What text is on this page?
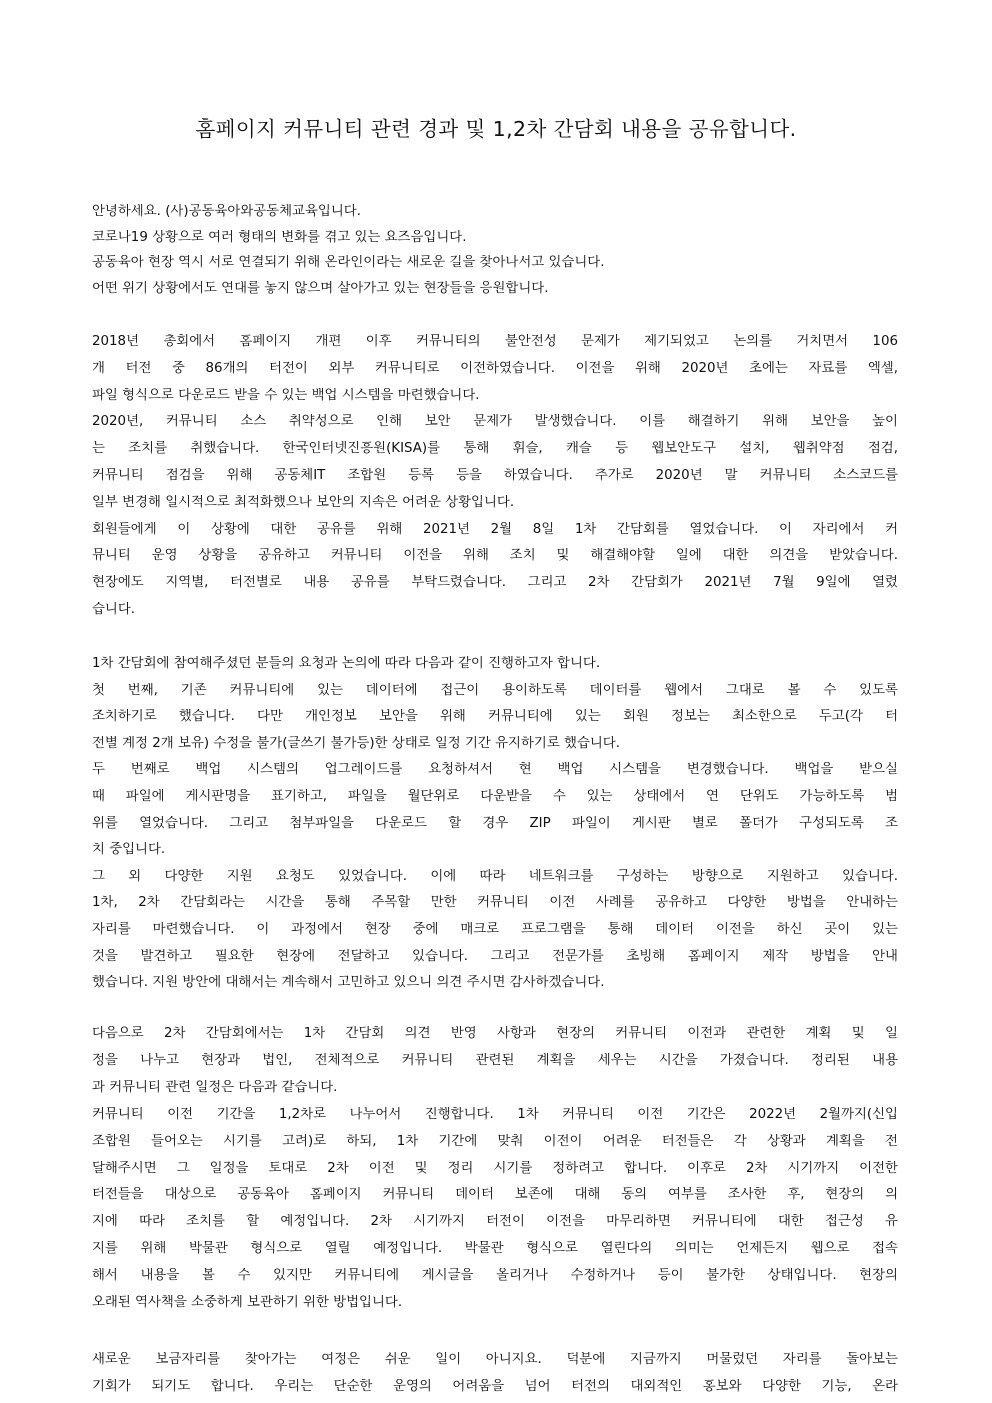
홈페이지 커뮤니티 관련 경과 및 1,2차 간담회 내용을 공유합니다.
안녕하세요. (사)공동육아와공동체교육입니다.
코로나19 상황으로 여러 형태의 변화를 겪고 있는 요즈음입니다.
공동육아 현장 역시 서로 연결되기 위해 온라인이라는 새로운 길을 찾아나서고 있습니다.
어떤 위기 상황에서도 연대를 놓지 않으며 살아가고 있는 현장들을 응원합니다.
2018년 총회에서 홈페이지 개편 이후 커뮤니티의 불안전성 문제가 제기되었고 논의를 거치면서 106
개 터전 중 86개의 터전이 외부 커뮤니티로 이전하였습니다. 이전을 위해 2020년 초에는 자료를 엑셀,
파일 형식으로 다운로드 받을 수 있는 백업 시스템을 마련했습니다.
2020년, 커뮤니티 소스 취약성으로 인해 보안 문제가 발생했습니다. 이를 해결하기 위해 보안을 높이
는 조치를 취했습니다. 한국인터넷진흥원(KISA)를 통해 휘슬, 캐슬 등 웹보안도구 설치, 웹취약점 점검,
커뮤니티 점검을 위해 공동체IT 조합원 등록 등을 하였습니다. 추가로 2020년 말 커뮤니티 소스코드를
일부 변경해 일시적으로 최적화했으나 보안의 지속은 어려운 상황입니다.
회원들에게 이 상황에 대한 공유를 위해 2021년 2월 8일 1차 간담회를 열었습니다. 이 자리에서 커
뮤니티 운영 상황을 공유하고 커뮤니티 이전을 위해 조치 및 해결해야할 일에 대한 의견을 받았습니다.
현장에도 지역별, 터전별로 내용 공유를 부탁드렸습니다. 그리고 2차 간담회가 2021년 7월 9일에 열렸
습니다.
1차 간담회에 참여해주셨던 분들의 요청과 논의에 따라 다음과 같이 진행하고자 합니다.
첫 번째, 기존 커뮤니티에 있는 데이터에 접근이 용이하도록 데이터를 웹에서 그대로 볼 수 있도록
조치하기로 했습니다. 다만 개인정보 보안을 위해 커뮤니티에 있는 회원 정보는 최소한으로 두고(각 터
전별 계정 2개 보유) 수정을 불가(글쓰기 불가등)한 상태로 일정 기간 유지하기로 했습니다.
두 번째로 백업 시스템의 업그레이드를 요청하셔서 현 백업 시스템을 변경했습니다. 백업을 받으실
때 파일에 게시판명을 표기하고, 파일을 월단위로 다운받을 수 있는 상태에서 연 단위도 가능하도록 범
위를 열었습니다. 그리고 첨부파일을 다운로드 할 경우 ZIP 파일이 게시판 별로 폴더가 구성되도록 조
치 중입니다.
그 외 다양한 지원 요청도 있었습니다. 이에 따라 네트워크를 구성하는 방향으로 지원하고 있습니다.
1차, 2차 간담회라는 시간을 통해 주목할 만한 커뮤니티 이전 사례를 공유하고 다양한 방법을 안내하는
자리를 마련했습니다. 이 과정에서 현장 중에 매크로 프로그램을 통해 데이터 이전을 하신 곳이 있는
것을 발견하고 필요한 현장에 전달하고 있습니다. 그리고 전문가를 초빙해 홈페이지 제작 방법을 안내
했습니다. 지원 방안에 대해서는 계속해서 고민하고 있으니 의견 주시면 감사하겠습니다.
다음으로 2차 간담회에서는 1차 간담회 의견 반영 사항과 현장의 커뮤니티 이전과 관련한 계획 및 일
정을 나누고 현장과 법인, 전체적으로 커뮤니티 관련된 계획을 세우는 시간을 가졌습니다. 정리된 내용
과 커뮤니티 관련 일정은 다음과 같습니다.
커뮤니티 이전 기간을 1,2차로 나누어서 진행합니다. 1차 커뮤니티 이전 기간은 2022년 2월까지(신입
조합원 들어오는 시기를 고려)로 하되, 1차 기간에 맞춰 이전이 어려운 터전들은 각 상황과 계획을 전
달해주시면 그 일정을 토대로 2차 이전 및 정리 시기를 정하려고 합니다. 이후로 2차 시기까지 이전한
터전들을 대상으로 공동육아 홈페이지 커뮤니티 데이터 보존에 대해 동의 여부를 조사한 후, 현장의 의
지에 따라 조치를 할 예정입니다. 2차 시기까지 터전이 이전을 마무리하면 커뮤니티에 대한 접근성 유
지를 위해 박물관 형식으로 열릴 예정입니다. 박물관 형식으로 열린다의 의미는 언제든지 웹으로 접속
해서 내용을 볼 수 있지만 커뮤니티에 게시글을 올리거나 수정하거나 등이 불가한 상태입니다. 현장의
오래된 역사책을 소중하게 보관하기 위한 방법입니다.
새로운 보금자리를 찾아가는 여정은 쉬운 일이 아니지요. 덕분에 지금까지 머물렀던 자리를 돌아보는
기회가 되기도 합니다. 우리는 단순한 운영의 어려움을 넘어 터전의 대외적인 홍보와 다양한 기능, 온라
